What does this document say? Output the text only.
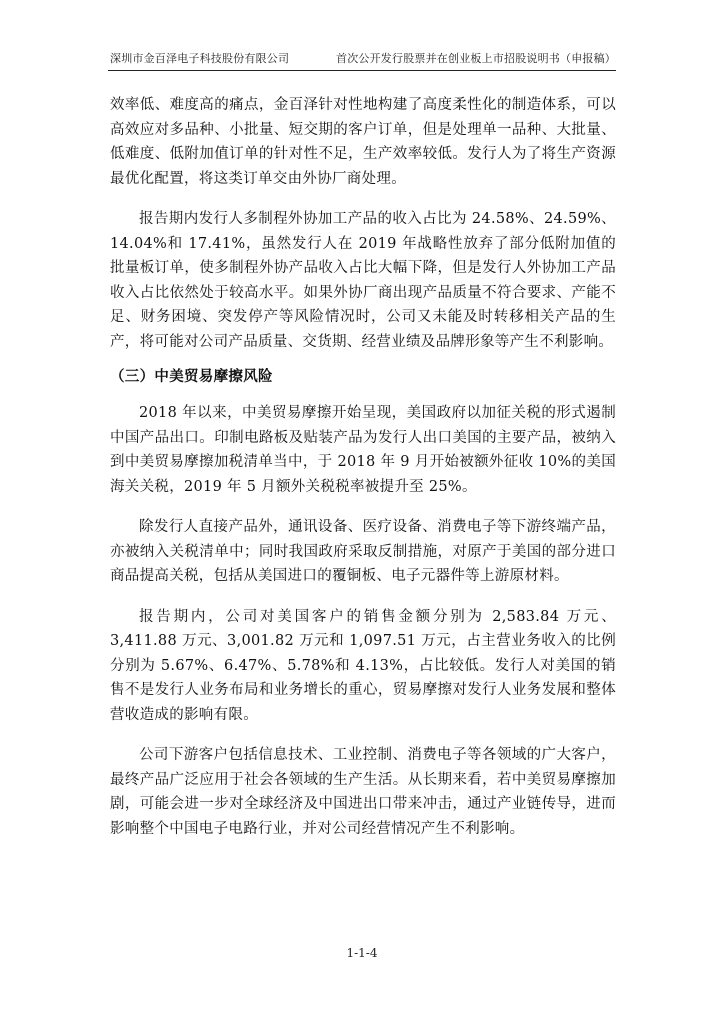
深圳市金百泽电子科技股份有限公司	首次公开发行股票并在创业板上市招股说明书（申报稿）

效率低、难度高的痛点，金百泽针对性地构建了高度柔性化的制造体系，可以高效应对多品种、小批量、短交期的客户订单，但是处理单一品种、大批量、低难度、低附加值订单的针对性不足，生产效率较低。发行人为了将生产资源最优化配置，将这类订单交由外协厂商处理。

报告期内发行人多制程外协加工产品的收入占比为 24.58%、24.59%、14.04%和 17.41%，虽然发行人在 2019 年战略性放弃了部分低附加值的批量板订单，使多制程外协产品收入占比大幅下降，但是发行人外协加工产品收入占比依然处于较高水平。如果外协厂商出现产品质量不符合要求、产能不足、财务困境、突发停产等风险情况时，公司又未能及时转移相关产品的生产，将可能对公司产品质量、交货期、经营业绩及品牌形象等产生不利影响。

（三）中美贸易摩擦风险

2018 年以来，中美贸易摩擦开始呈现，美国政府以加征关税的形式遏制中国产品出口。印制电路板及贴装产品为发行人出口美国的主要产品，被纳入到中美贸易摩擦加税清单当中，于 2018 年 9 月开始被额外征收 10%的美国海关关税，2019 年 5 月额外关税税率被提升至 25%。

除发行人直接产品外，通讯设备、医疗设备、消费电子等下游终端产品，亦被纳入关税清单中；同时我国政府采取反制措施，对原产于美国的部分进口商品提高关税，包括从美国进口的覆铜板、电子元器件等上游原材料。

报告期内，公司对美国客户的销售金额分别为 2,583.84 万元、3,411.88 万元、3,001.82 万元和 1,097.51 万元，占主营业务收入的比例分别为 5.67%、6.47%、5.78%和 4.13%，占比较低。发行人对美国的销售不是发行人业务布局和业务增长的重心，贸易摩擦对发行人业务发展和整体营收造成的影响有限。

公司下游客户包括信息技术、工业控制、消费电子等各领域的广大客户，最终产品广泛应用于社会各领域的生产生活。从长期来看，若中美贸易摩擦加剧，可能会进一步对全球经济及中国进出口带来冲击，通过产业链传导，进而影响整个中国电子电路行业，并对公司经营情况产生不利影响。

1-1-4
